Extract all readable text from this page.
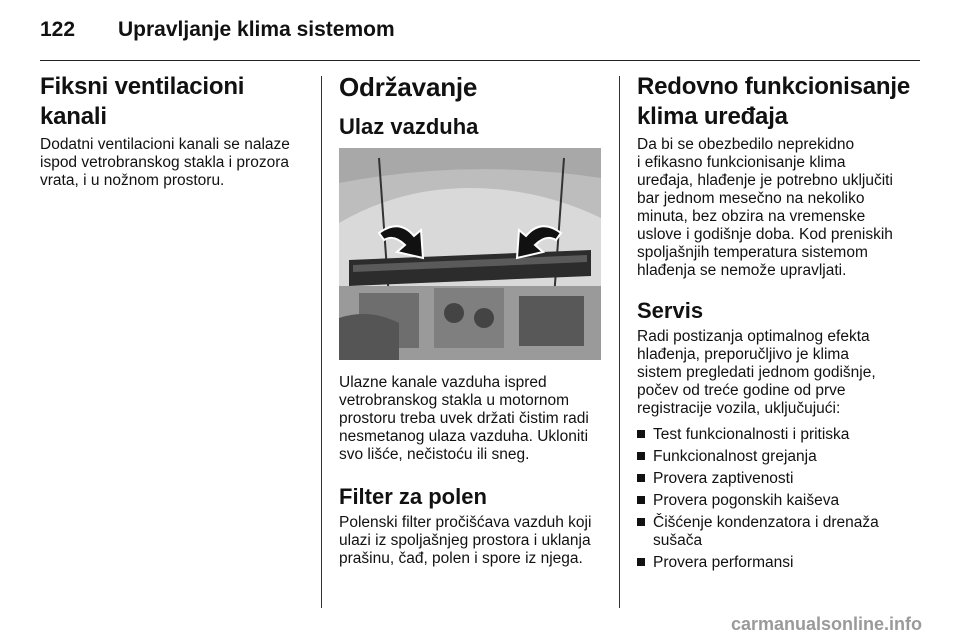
122 Upravljanje klima sistemom
Fiksni ventilacioni kanali

Dodatni ventilacioni kanali se nalaze
ispod vetrobranskog stakla i prozora
vrata, i u nožnom prostoru.

Održavanje
Ulaz vazduha

Ulazne kanale vazduha ispred
vetrobranskog stakla u motornom
prostoru treba uvek držati čistim radi
nesmetanog ulaza vazduha. Ukloniti
svo lišće, nečistoću ili sneg.

Filter za polen

Polenski filter pročišćava vazduh koji
ulazi iz spoljašnjeg prostora i uklanja
prašinu, čađ, polen i spore iz njega.

Redovno funkcionisanje
klima uređaja

Da bi se obezbedilo neprekidno
i efikasno funkcionisanje klima
uređaja, hlađenje je potrebno uključiti
bar jednom mesečno na nekoliko
minuta, bez obzira na vremenske
uslove i godišnje doba. Kod preniskih
spoljašnjih temperatura sistemom
hlađenja se nemože upravljati.

Servis

Radi postizanja optimalnog efekta
hlađenja, preporučljivo je klima
sistem pregledati jednom godišnje,
počev od treće godine od prve
registracije vozila, uključujući:

Test funkcionalnosti i pritiska
Funkcionalnost grejanja
Provera zaptivenosti
Provera pogonskih kaiševa
Čišćenje kondenzatora i drenaža sušača
Provera performansi
carmanualsonline.info
